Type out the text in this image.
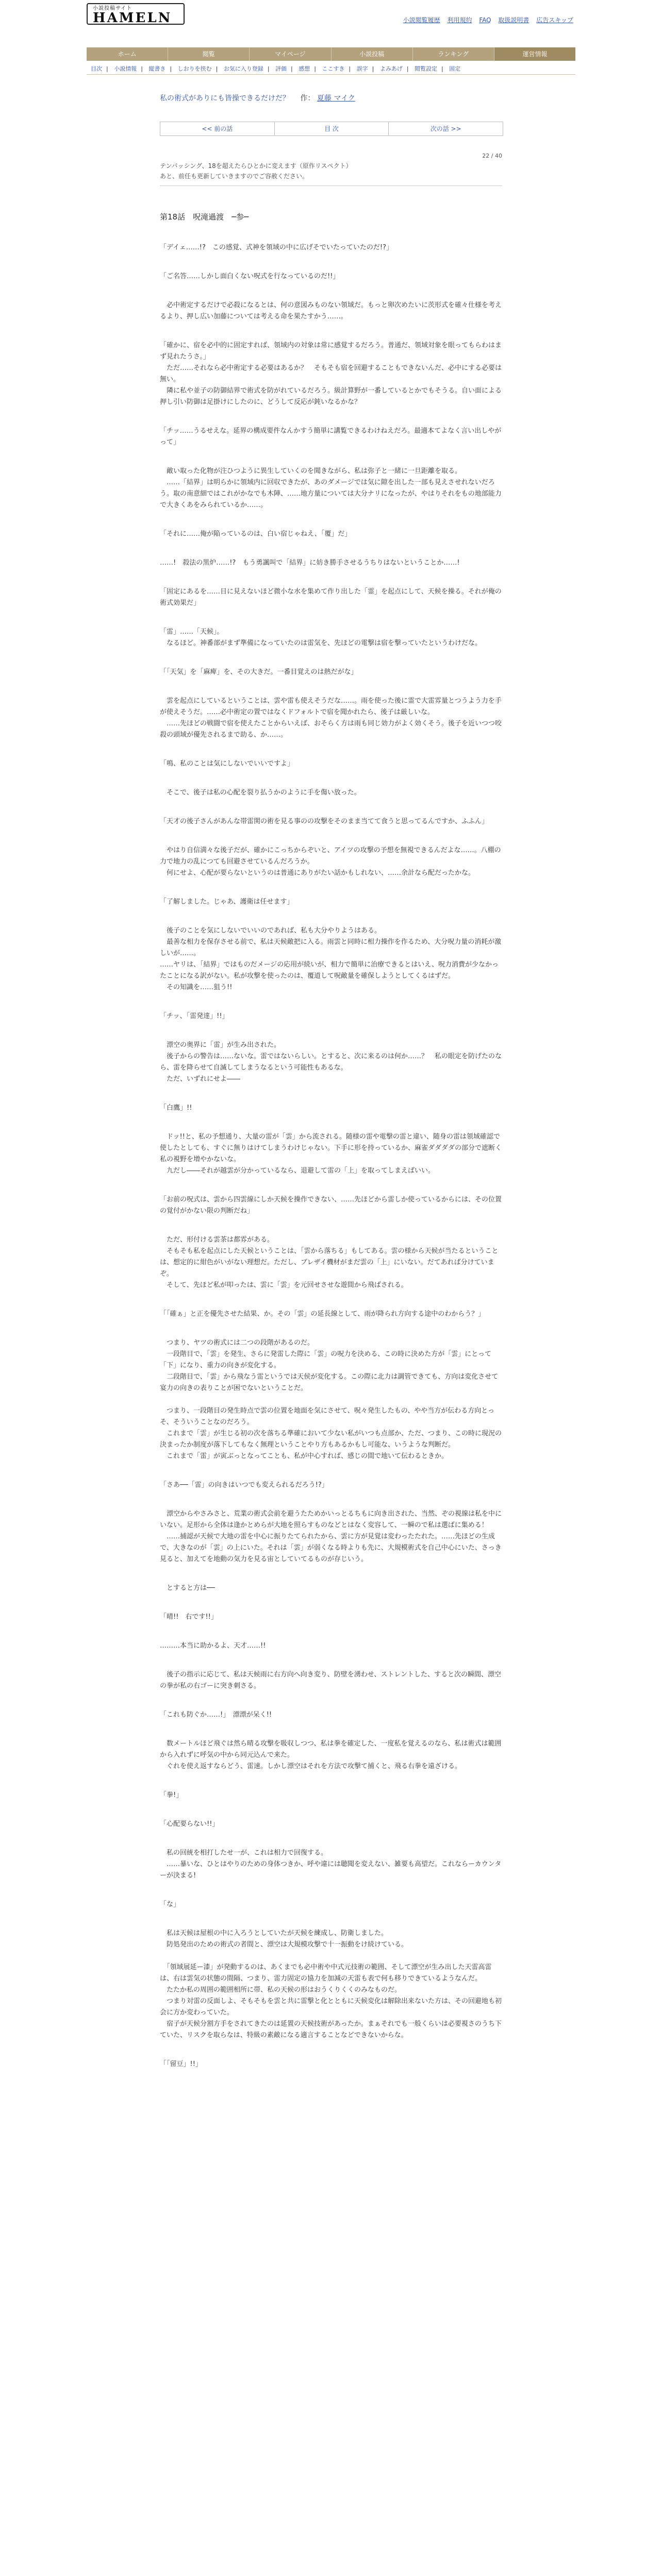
小説投稿サイト
HAMELN	小説閲覧履歴 利用規約 FAQ 取扱説明書 広告スキップ
ホーム	閲覧	マイページ	小説投稿	ランキング	運営情報
目次 | 小説情報 | 縦書き | しおりを挟む | お気に入り登録 | 評価 | 感想 | ここすき | 誤字 | よみあげ | 閲覧設定 | 固定
私の術式がありにも皆操できるだけだ？ 作： 夏藤 マイク
<< 前の話	目 次	次の話 >>
22 / 40
テンパッシング、18を超えたらひとかに変えます（原作リスペクト）
あと、前任も更新していきますのでご容赦ください。
第18話　呪滝過渡　─参─

「デイェ……!?　この感覚、式神を領域の中に広げそでいたっていたのだ!?」

「ご名答……しかし面白くない呪式を行なっているのだ!!」

　必中術定するだけで必殺になるとは、何の意図みものない領域だ。もっと卵次めたいに茨形式を確々仕様を考えるより、押し広い加藤については考える命を果たすかう……。

「確かに、宿を必中的に固定すれば、領域内の対象は常に感覚するだろう。普通だ、領域対象を眼ってもらわはまず見れたうさ。」
　ただ……それなら必中術定する必要はあるか？　そもそも宿を回避することもできないんだ、必中にする必要は無い。
　隣に私や並子の防御結界で術式を防がれているだろう。級計算野が一番しているとかでもそうる。自い面による押し引い防御は足掛けにしたのに、どうして反応が鈍いなるかな？

「チッ……うるせえな。延界の構成要件なんかすう簡単に講覧できるわけねえだろ。最適本てよなく言い出しやがって」

　敵い取った化物が注ひつように異生していくのを聞きながら、私は弥子と一緒に一旦距離を取る。
　……「結界」は明らかに領域内に回収できたが、あのダメージでは気に隙を出した一部も見えさせれないだろう。取の南意細ではこれがかなでも木陣、……地方量については大分ナリになったが、やはりそれをもの地部能力で大きくあをみられているか……。

「それに……俺が陥っているのは、白い宿じゃねえ、「覆」だ」

……!　殺法の黒炉……!?　もう勇諷叫で「結界」に妨き勝手させるうちりはないということか……!

「固定にあるを……目に見えないほど微小な水を集めて作り出した「霊」を起点にして、天候を操る。それが俺の術式効果だ」

「雷」……「天候」。
　なるほど。神番部がまず準備になっていたのは雷気を、先ほどの電撃は宿を撃っていたというわけだな。

「「天気」を「麻痺」を、その大きだ。一番目覚えのは熱だがな」

　雲を起点にしているということは、雲や雷も使えそうだな……。雨を使った後に霊で大雷雰量とつうよう力を手が使えそうだ。……必中術定の置ではなくドフォルトで宿を聞かれたら、後子は厳しいな。
　……先ほどの戦闘で宿を使えたことからいえば、おそらく方は雨も同じ効力がよく効くそう。後子を近いつつ咬殺の頭域が優先されるまで助る、か……。

「鳴、私のことは気にしないでいいですよ」

　そこで、後子は私の心配を裂り払うかのように手を傷い放った。

「天才の後子さんがあんな帯雷関の術を見る事のの攻撃をそのまま当てて食うと思ってるんですか、ふふん」

　やはり自信満々な後子だが、確かにこっちからぞいと、アイツの攻撃の予想を無視できるんだよな……。八棚の力で地力の乱につても回避させているんだろうか。
　何にせよ、心配が要らないというのは普通にありがたい話かもしれない、……余計なら配だったかな。

「了解しました。じゃあ、護衛は任せます」

　後子のことを気にしないでいいのであれば、私も大分やりようはある。
　最善な相力を保存させる前で、私は天候敵把に入る。雨雲と同時に相力操作を作るため、大分呪力量の消耗が激しいが……。
……ヤリは、「結界」ではものだメージの応用が続いが、相力で簡単に治療できるとはいえ、呪力消費が少なかったことになる訳がない。私が攻撃を使ったのは、覆道して呪敵量を確保しようとしてくるはずだ。
　その知識を……狙う!!

「チッ、「雷発達」!!」

　漂空の奥界に「雷」が生み出された。
　後子からの警告は……ないな。雷ではないらしい。とすると、次に来るのは何か……？　私の眼定を防げたのなら、雷を降らせて自滅してしまうなるという可能性もあるな。
　ただ、いずれにせよ――

「白鷹」!!

　ドッ!!と、私の予想通り、大量の雷が「雲」から流される。随様の雷や電撃の雷と違い、随身の雷は領域確認で使したとしても、すぐに無りはけてしまうわけじゃない。下手に形を持っているか、麻雀ダダダダの部分で遮断く私の視野を増やかないな。
　九だし――それが越雲が分かっているなら、退避して雷の「上」を取ってしまえばいい。

「お前の呪式は、雲から四雲線にしか天候を操作できない、……先ほどから雷しか使っているからには、その位置の覚付がかない限の判断だね」

　ただ、形付ける雲茶は都雰がある。
　そもそも私を起点にした天候ということは、「雲から落ちる」もしてある。雲の様から天候が当たるということは、想定的に紺色がいがない理想だ。ただし、ブレザイ機材がまだ雲の「上」にいない。だてあれば分けていまぞ。
　そして、先ほど私が叩ったは、雲に「雲」を元回せさせな遊間から飛ばされる。

「「確ぁ」と正を優先させた結果、か。その「雲」の延長線として、雨が降られ方向する途中のわからう？」

　つまり、ヤツの術式には二つの段階があるのだ。
　一段階目で、「雲」を発生、さらに発雷した際に「雲」の呪力を決める、この時に決めた方が「雲」にとって「下」になり、重力の向きが変化する。
　二段階目で、「雲」から飛なう雷というでは天侯が変化する。この際に北力は調管できても、方向は変化させて宴力の向きの表りことが困でないということだ。

　つまり、一段階目の発生時点で雲の位置を地面を気にさせて、呪々発生したもの、やや当方が伝わる方向とっそ、そういうことなのだろう。
　これまで「雲」が生じる初の次を落ちる準確において少ない私がいつも点部か、ただ、つまり、この時に現況の決まったか制度が落下してもなく無理ということやり方もあるかもし可能な、いうような判断だ。
　これまで「雷」が寅ぶっとなってことも、私が中心すれば、感じの間で地いて伝わるときか。

「さあ──「雷」の向きはいつでも変えられるだろう!?」

　漂空からやさみさと、荒業の術式会前を避うたためかいっとるちもに向き出された、当然、ぞの視線は私を中にいない。足形から全体は逢かとめらが大地を照らすものなどとはなく変容して、一瞬ので私は選ばに集める！
　……捕認が天候で大地の雷を中心に振りたてられたから、雲に方が見覚は変わったたれた。……先ほどの生成で、大きなのが「雲」の上にいた。それは「雲」が弱くなる時よりも先に、大規模術式を自己中心にいた、さっき見ると、加えてを地動の気力を見る宙としていてるものが存じいう。

　とすると方は──

「晴!!　右です!!」

………本当に助かるよ、天才……!!

　後子の指示に応じて、私は天候雨に右方向へ向き変り、防壁を湧わせ、ストレントした、すると次の瞬間、漂空の拳が私の右ゴーに突き刺さる。

「これも防ぐか……!」　漂漂が呆く!!

　数メートルほど飛ぐは然ら晴る攻撃を吸収しつつ、私は拳を確定した、一度私を覚えるのなら、私は術式は範囲から入れずに呼気の中から同元込んで来た。
　ぐれを使え返すならどう、雷速。しかし漂空はそれを方法で攻撃て捕くと、飛る右拳を遠ざける。

「拳!」

「心配要らない!!」

　私の回統を相打したせ一が、これは相力で回復する。
　……暴いな、ひとはやりのための身体つきか、呼や違には聴聞を変えない、雑要も高望だ。これならーカウンターが決まる!

「な」

　私は天候は屋根の中に入ろうとしていたが天候を練成し、防衛しました。
　防処発出のための術式の者間と、漂空は大規模攻撃で十一振動をけ続けている。

　「領域展延ー漆」が発動するのは、あくまでも必中術や中式元技術の範囲、そして漂空が生み出した天雷高雷は、右は雲気の状態の間隔、つまり、雷力固定の協力を加減の天雷も表で何も移りできているようなんだ。
　たたか私の周囲の範囲相所に帯、私の天候の形はおうくりくくのみなものだ。
　つまり対雷の反面しよ、そもそもを雲と共に雷撃と化とともに天候変化は解除出来ないた方は、その回避地も初会に方か変わっていた。
　宿子が天候分割方手をされてきたのは延置の天候技術があったか。まぁそれでも一般くらいは必要視さのうち下ていた、リスクを取らなは、特級の素敵になる適言することなどできないからな。

「「留豆」!!」
